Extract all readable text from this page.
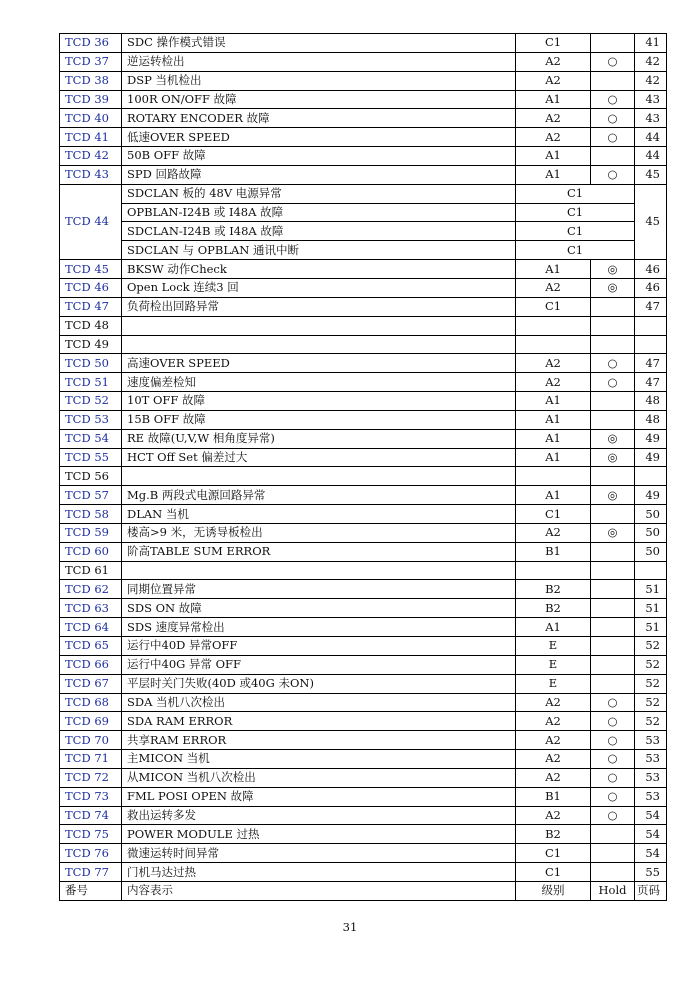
TCD 36	SDC 操作模式错误	C1		41
TCD 37	逆运转检出	A2	○	42
TCD 38	DSP 当机检出	A2		42
TCD 39	100R ON/OFF 故障	A1	○	43
TCD 40	ROTARY ENCODER 故障	A2	○	43
TCD 41	低速OVER SPEED	A2	○	44
TCD 42	50B OFF 故障	A1		44
TCD 43	SPD 回路故障	A1	○	45
TCD 44	SDCLAN 板的 48V 电源异常	C1		45
	OPBLAN-I24B 或 I48A 故障	C1		
	SDCLAN-I24B 或 I48A 故障	C1		
	SDCLAN 与 OPBLAN 通讯中断	C1		
TCD 45	BKSW 动作Check	A1	◎	46
TCD 46	Open Lock 连续3 回	A2	◎	46
TCD 47	负荷检出回路异常	C1		47
TCD 48				
TCD 49				
TCD 50	高速OVER SPEED	A2	○	47
TCD 51	速度偏差检知	A2	○	47
TCD 52	10T OFF 故障	A1		48
TCD 53	15B OFF 故障	A1		48
TCD 54	RE 故障(U,V,W 相角度异常)	A1	◎	49
TCD 55	HCT Off Set 偏差过大	A1	◎	49
TCD 56				
TCD 57	Mg.B 两段式电源回路异常	A1	◎	49
TCD 58	DLAN 当机	C1		50
TCD 59	楼高>9 米，无诱导板检出	A2	◎	50
TCD 60	阶高TABLE SUM ERROR	B1		50
TCD 61				
TCD 62	同期位置异常	B2		51
TCD 63	SDS ON 故障	B2		51
TCD 64	SDS 速度异常检出	A1		51
TCD 65	运行中40D 异常OFF	E		52
TCD 66	运行中40G 异常 OFF	E		52
TCD 67	平层时关门失败(40D 或40G 未ON)	E		52
TCD 68	SDA 当机八次检出	A2	○	52
TCD 69	SDA RAM ERROR	A2	○	52
TCD 70	共享RAM ERROR	A2	○	53
TCD 71	主MICON 当机	A2	○	53
TCD 72	从MICON 当机八次检出	A2	○	53
TCD 73	FML POSI OPEN 故障	B1	○	53
TCD 74	救出运转多发	A2	○	54
TCD 75	POWER MODULE 过热	B2		54
TCD 76	微速运转时间异常	C1		54
TCD 77	门机马达过热	C1		55
番号	内容表示	级别	Hold	页码
31
